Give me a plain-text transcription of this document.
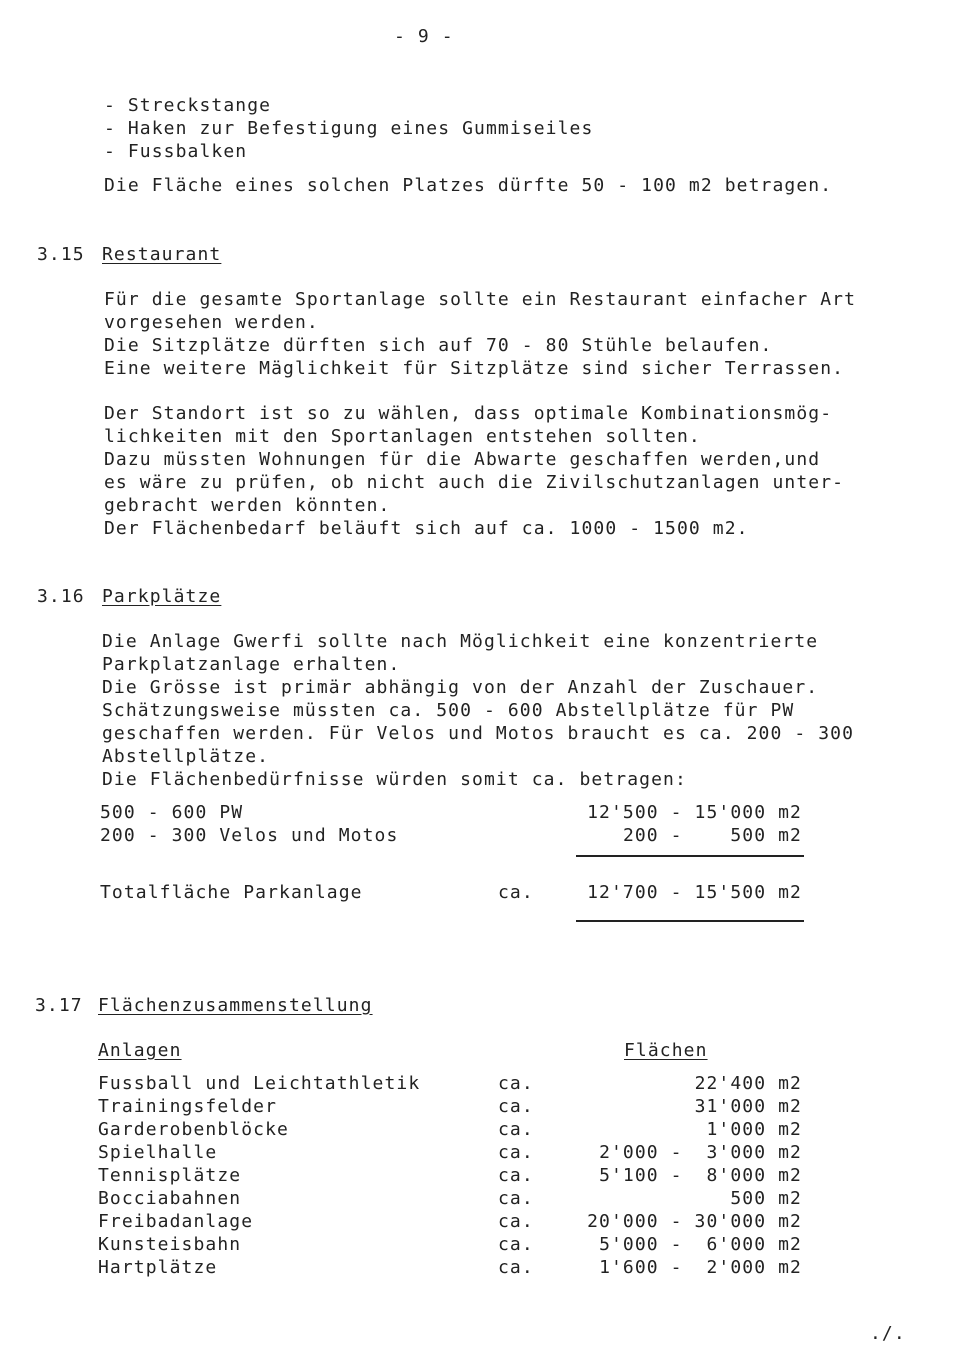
- 9 -
- Streckstange
- Haken zur Befestigung eines Gummiseiles
- Fussbalken
Die Fläche eines solchen Platzes dürfte 50 - 100 m2 betragen.
3.15 Restaurant
Für die gesamte Sportanlage sollte ein Restaurant einfacher Art
vorgesehen werden.
Die Sitzplätze dürften sich auf 70 - 80 Stühle belaufen.
Eine weitere Mäglichkeit für Sitzplätze sind sicher Terrassen.
Der Standort ist so zu wählen, dass optimale Kombinationsmög-
lichkeiten mit den Sportanlagen entstehen sollten.
Dazu müssten Wohnungen für die Abwarte geschaffen werden,und
es wäre zu prüfen, ob nicht auch die Zivilschutzanlagen unter-
gebracht werden könnten.
Der Flächenbedarf beläuft sich auf ca. 1000 - 1500 m2.
3.16 Parkplätze
Die Anlage Gwerfi sollte nach Möglichkeit eine konzentrierte
Parkplatzanlage erhalten.
Die Grösse ist primär abhängig von der Anzahl der Zuschauer.
Schätzungsweise müssten ca. 500 - 600 Abstellplätze für PW
geschaffen werden. Für Velos und Motos braucht es ca. 200 - 300
Abstellplätze.
Die Flächenbedürfnisse würden somit ca. betragen:
500 - 600 PW	12'500 - 15'000 m2
200 - 300 Velos und Motos	200 -    500 m2
Totalfläche Parkanlage	ca.	12'700 - 15'500 m2
3.17 Flächenzusammenstellung
Anlagen	Flächen
Fussball und Leichtathletik	ca.	22'400 m2
Trainingsfelder	ca.	31'000 m2
Garderobenblöcke	ca.	1'000 m2
Spielhalle	ca.	2'000 -  3'000 m2
Tennisplätze	ca.	5'100 -  8'000 m2
Bocciabahnen	ca.	500 m2
Freibadanlage	ca.	20'000 - 30'000 m2
Kunsteisbahn	ca.	5'000 -  6'000 m2
Hartplätze	ca.	1'600 -  2'000 m2
./.
